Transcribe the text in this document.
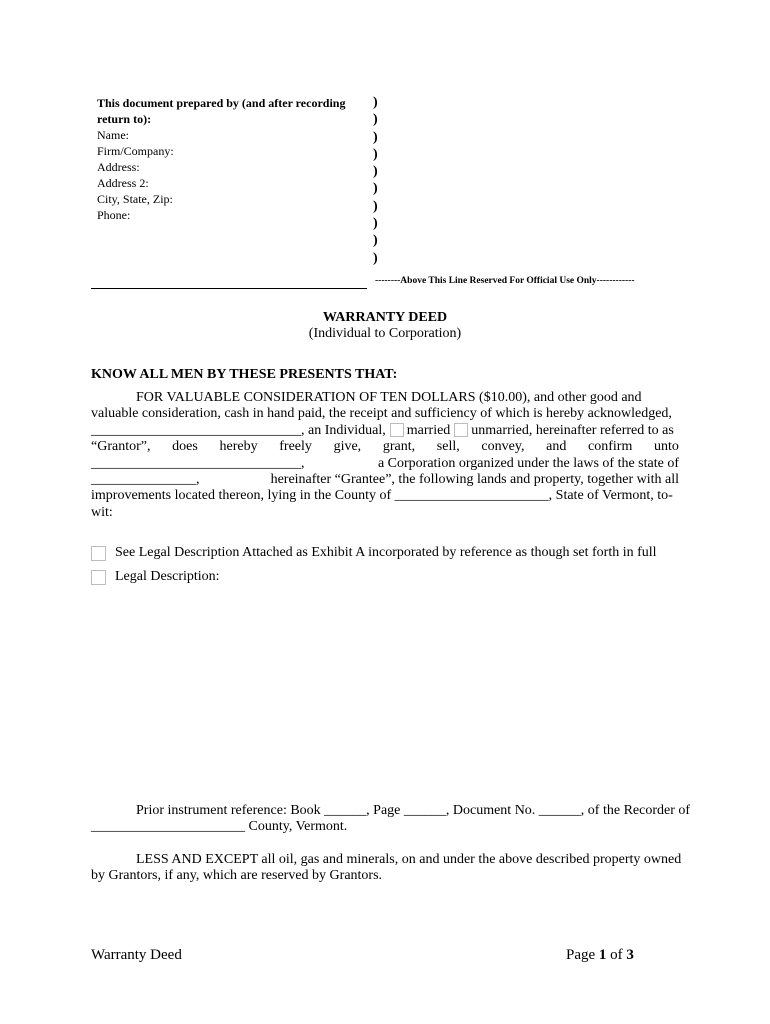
This document prepared by (and after recording return to):
Name:
Firm/Company:
Address:
Address 2:
City, State, Zip:
Phone:
)
)
)
)
)
)
)
)
)
)
--------Above This Line Reserved For Official Use Only------------
WARRANTY DEED
(Individual to Corporation)
KNOW ALL MEN BY THESE PRESENTS THAT:
FOR VALUABLE CONSIDERATION OF TEN DOLLARS ($10.00), and other good and
valuable consideration, cash in hand paid, the receipt and sufficiency of which is hereby acknowledged,
______________________________, an Individual, married unmarried, hereinafter referred to as
“Grantor”, does hereby freely give, grant, sell, convey, and confirm unto
______________________________,	a Corporation organized under the laws of the state of
_______________,	hereinafter “Grantee”, the following lands and property, together with all
improvements located thereon, lying in the County of ______________________, State of Vermont, to-
wit:
See Legal Description Attached as Exhibit A incorporated by reference as though set forth in full
Legal Description:
Prior instrument reference: Book ______, Page ______, Document No. ______, of the Recorder of
______________________ County, Vermont.
LESS AND EXCEPT all oil, gas and minerals, on and under the above described property owned
by Grantors, if any, which are reserved by Grantors.
Warranty Deed	Page 1 of 3
